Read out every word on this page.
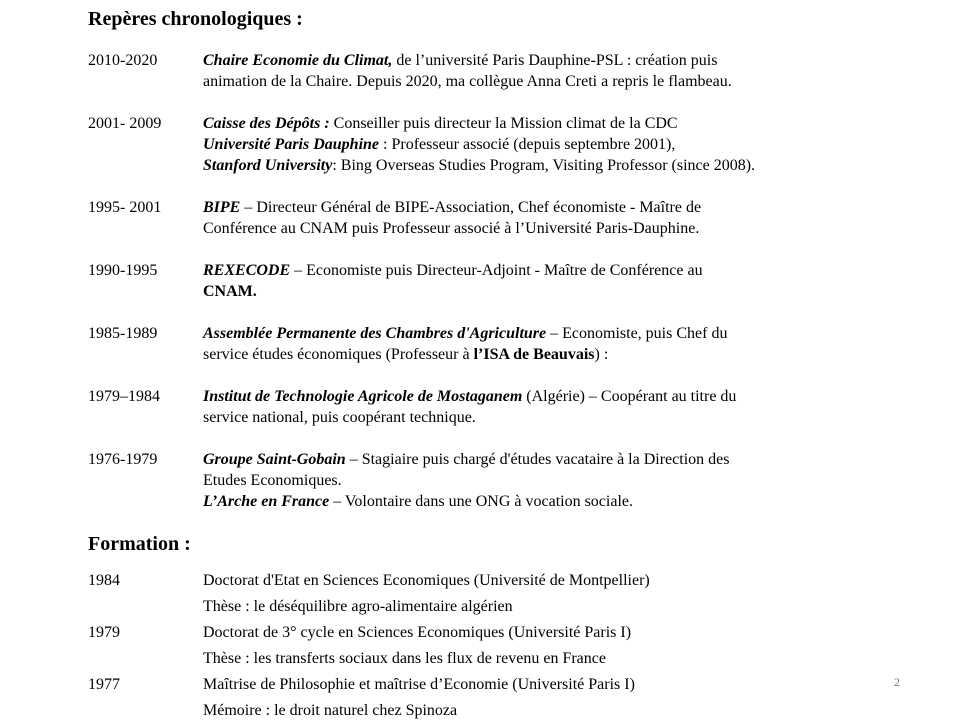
Repères chronologiques :
2010-2020	Chaire Economie du Climat, de l’université Paris Dauphine-PSL : création puis
animation de la Chaire. Depuis 2020, ma collègue Anna Creti a repris le flambeau.
2001- 2009	Caisse des Dépôts : Conseiller puis directeur la Mission climat de la CDC
Université Paris Dauphine : Professeur associé (depuis septembre 2001),
Stanford University: Bing Overseas Studies Program, Visiting Professor (since 2008).
1995- 2001	BIPE – Directeur Général de BIPE-Association, Chef économiste - Maître de
Conférence au CNAM puis Professeur associé à l’Université Paris-Dauphine.
1990-1995	REXECODE – Economiste puis Directeur-Adjoint - Maître de Conférence au
CNAM.
1985-1989	Assemblée Permanente des Chambres d'Agriculture – Economiste, puis Chef du
service études économiques (Professeur à l’ISA de Beauvais) :
1979–1984	Institut de Technologie Agricole de Mostaganem (Algérie) – Coopérant au titre du
service national, puis coopérant technique.
1976-1979	Groupe Saint-Gobain – Stagiaire puis chargé d'études vacataire à la Direction des
Etudes Economiques.
L’Arche en France – Volontaire dans une ONG à vocation sociale.
Formation :
1984	Doctorat d'Etat en Sciences Economiques (Université de Montpellier)
Thèse : le déséquilibre agro-alimentaire algérien
1979	Doctorat de 3° cycle en Sciences Economiques (Université Paris I)
Thèse : les transferts sociaux dans les flux de revenu en France
1977	Maîtrise de Philosophie et maîtrise d’Economie (Université Paris I)
Mémoire : le droit naturel chez Spinoza
2
